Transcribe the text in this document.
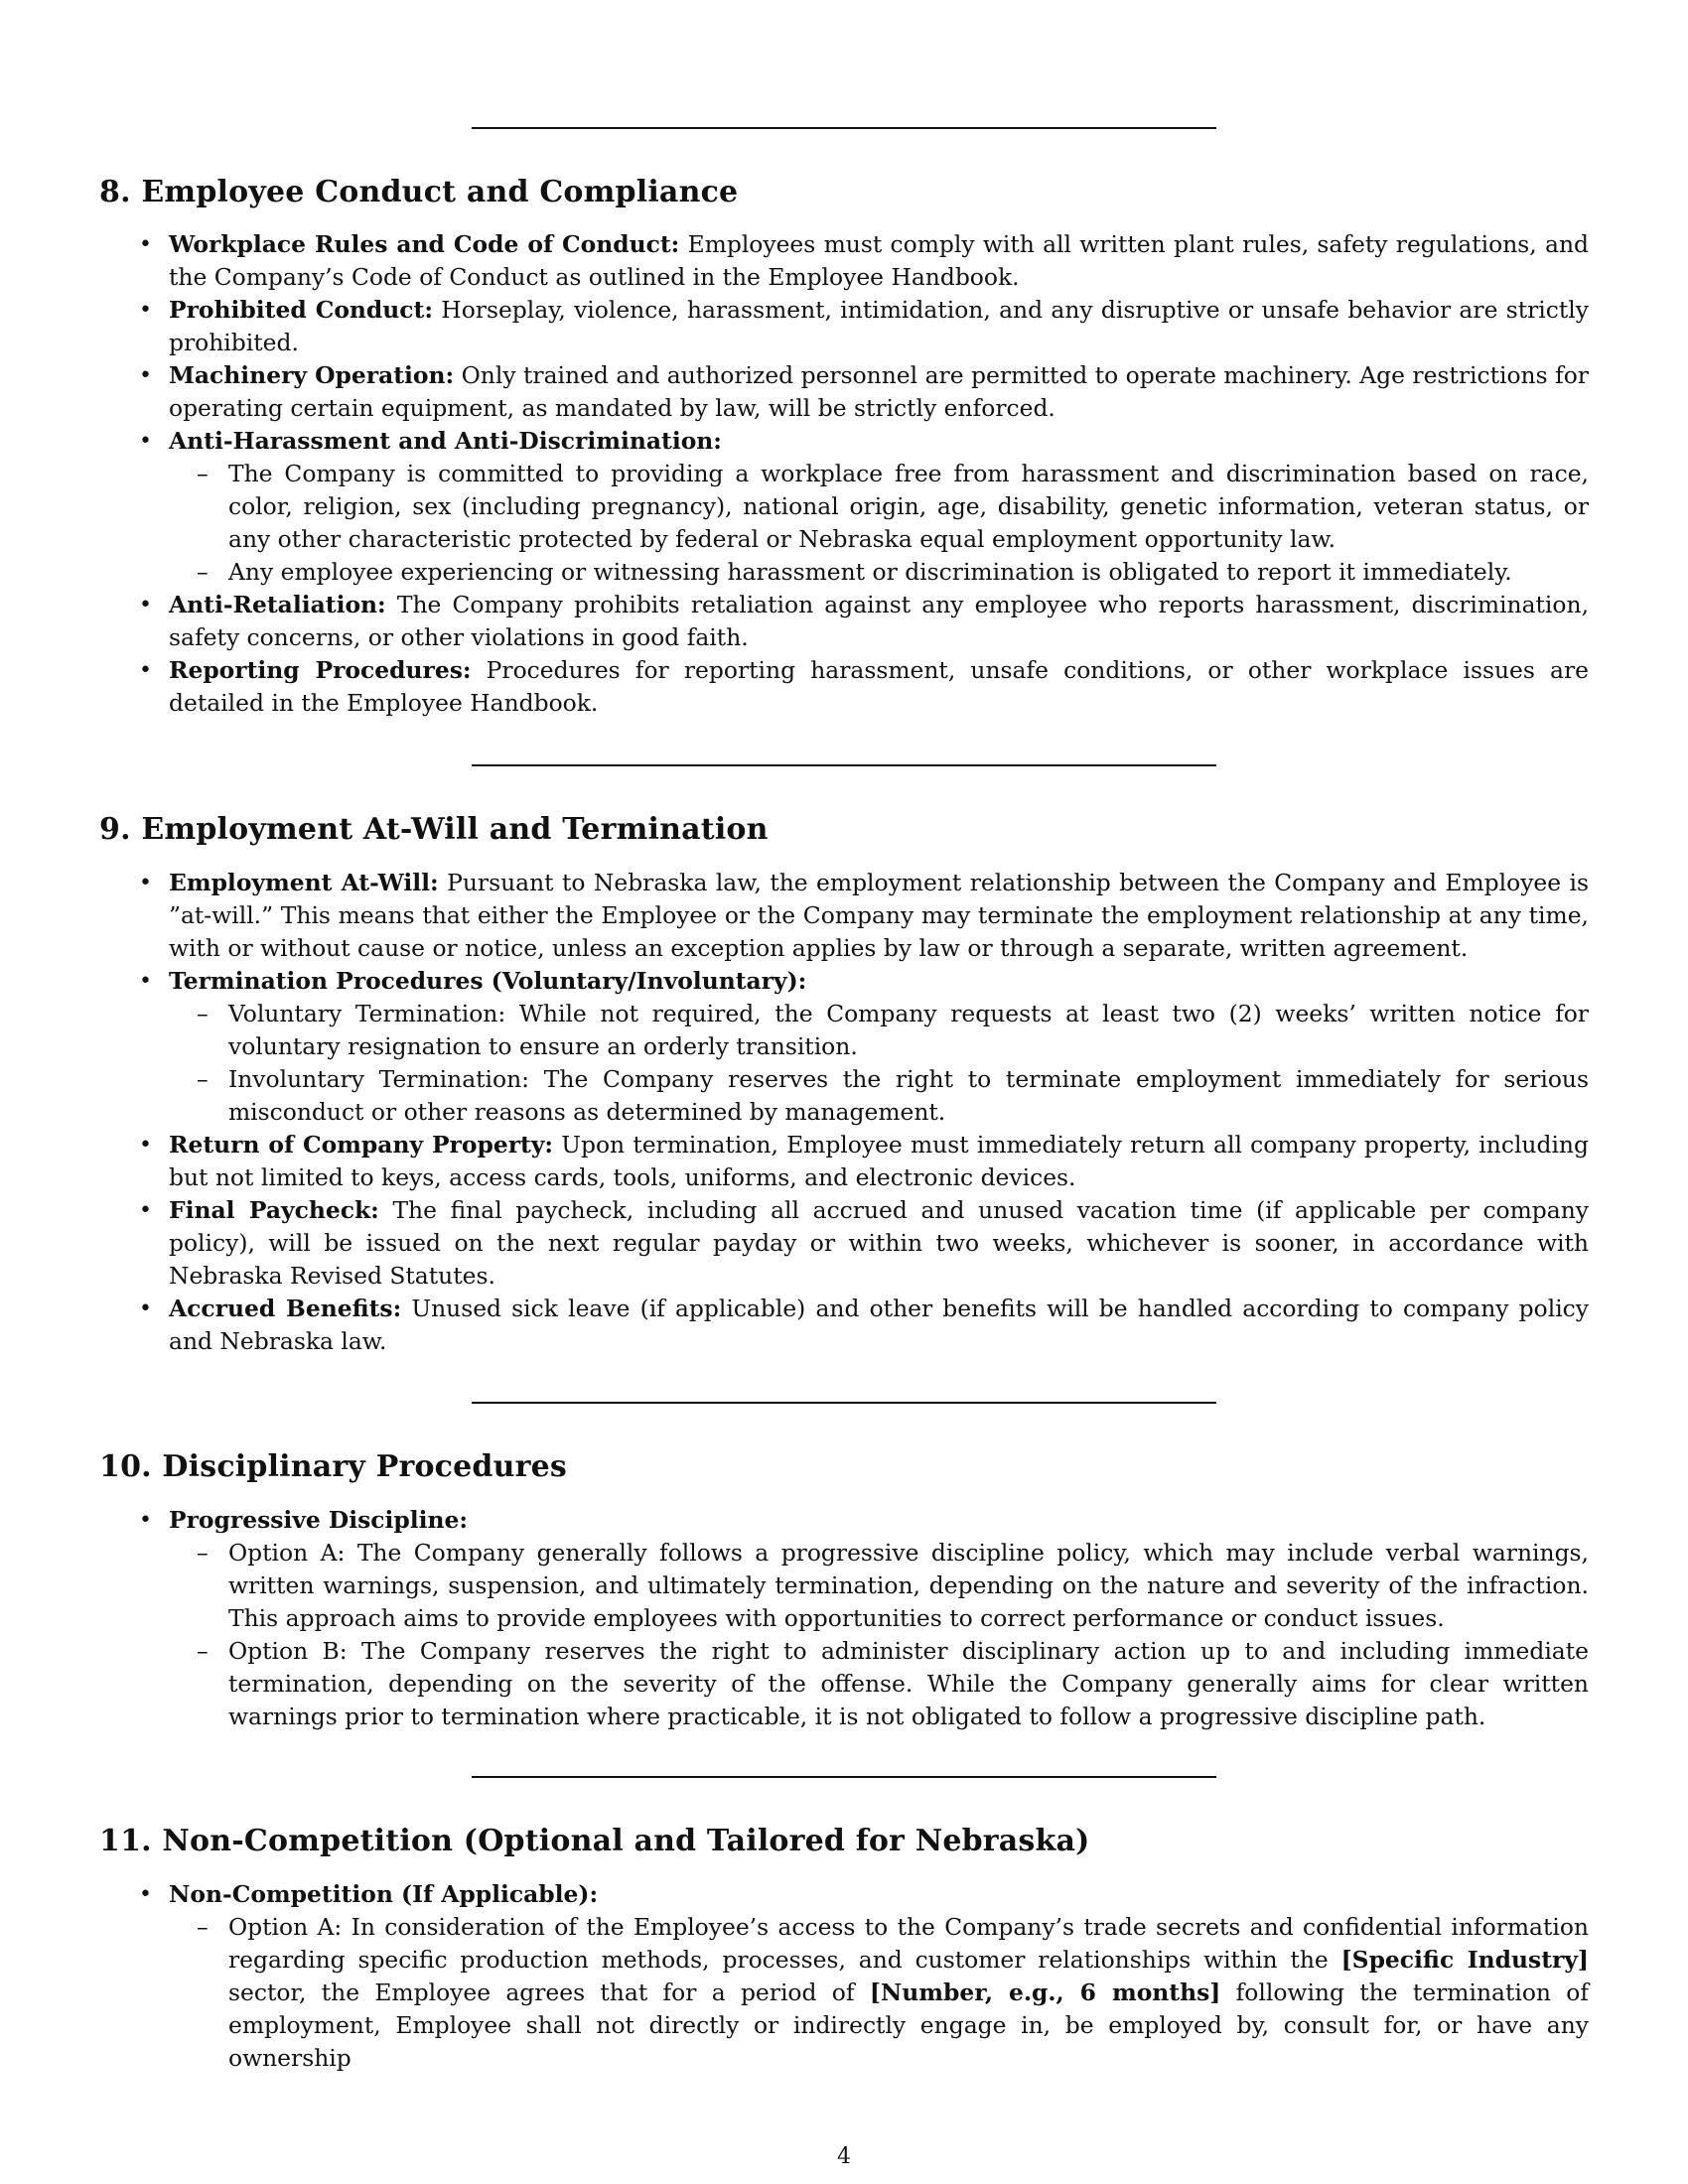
8. Employee Conduct and Compliance
• Workplace Rules and Code of Conduct: Employees must comply with all written plant rules, safety regulations, and the Company’s Code of Conduct as outlined in the Employee Handbook.
• Prohibited Conduct: Horseplay, violence, harassment, intimidation, and any disruptive or unsafe behavior are strictly prohibited.
• Machinery Operation: Only trained and authorized personnel are permitted to operate machinery. Age restrictions for operating certain equipment, as mandated by law, will be strictly enforced.
• Anti-Harassment and Anti-Discrimination:
– The Company is committed to providing a workplace free from harassment and discrimination based on race, color, religion, sex (including pregnancy), national origin, age, disability, genetic information, veteran status, or any other characteristic protected by federal or Nebraska equal employment opportunity law.
– Any employee experiencing or witnessing harassment or discrimination is obligated to report it immediately.
• Anti-Retaliation: The Company prohibits retaliation against any employee who reports harassment, discrimination, safety concerns, or other violations in good faith.
• Reporting Procedures: Procedures for reporting harassment, unsafe conditions, or other workplace issues are detailed in the Employee Handbook.
9. Employment At-Will and Termination
• Employment At-Will: Pursuant to Nebraska law, the employment relationship between the Company and Employee is ”at-will.” This means that either the Employee or the Company may terminate the employment relationship at any time, with or without cause or notice, unless an exception applies by law or through a separate, written agreement.
• Termination Procedures (Voluntary/Involuntary):
– Voluntary Termination: While not required, the Company requests at least two (2) weeks’ written notice for voluntary resignation to ensure an orderly transition.
– Involuntary Termination: The Company reserves the right to terminate employment immediately for serious misconduct or other reasons as determined by management.
• Return of Company Property: Upon termination, Employee must immediately return all company property, including but not limited to keys, access cards, tools, uniforms, and electronic devices.
• Final Paycheck: The final paycheck, including all accrued and unused vacation time (if applicable per company policy), will be issued on the next regular payday or within two weeks, whichever is sooner, in accordance with Nebraska Revised Statutes.
• Accrued Benefits: Unused sick leave (if applicable) and other benefits will be handled according to company policy and Nebraska law.
10. Disciplinary Procedures
• Progressive Discipline:
– Option A: The Company generally follows a progressive discipline policy, which may include verbal warnings, written warnings, suspension, and ultimately termination, depending on the nature and severity of the infraction. This approach aims to provide employees with opportunities to correct performance or conduct issues.
– Option B: The Company reserves the right to administer disciplinary action up to and including immediate termination, depending on the severity of the offense. While the Company generally aims for clear written warnings prior to termination where practicable, it is not obligated to follow a progressive discipline path.
11. Non-Competition (Optional and Tailored for Nebraska)
• Non-Competition (If Applicable):
– Option A: In consideration of the Employee’s access to the Company’s trade secrets and confidential information regarding specific production methods, processes, and customer relationships within the [Specific Industry] sector, the Employee agrees that for a period of [Number, e.g., 6 months] following the termination of employment, Employee shall not directly or indirectly engage in, be employed by, consult for, or have any ownership
4
